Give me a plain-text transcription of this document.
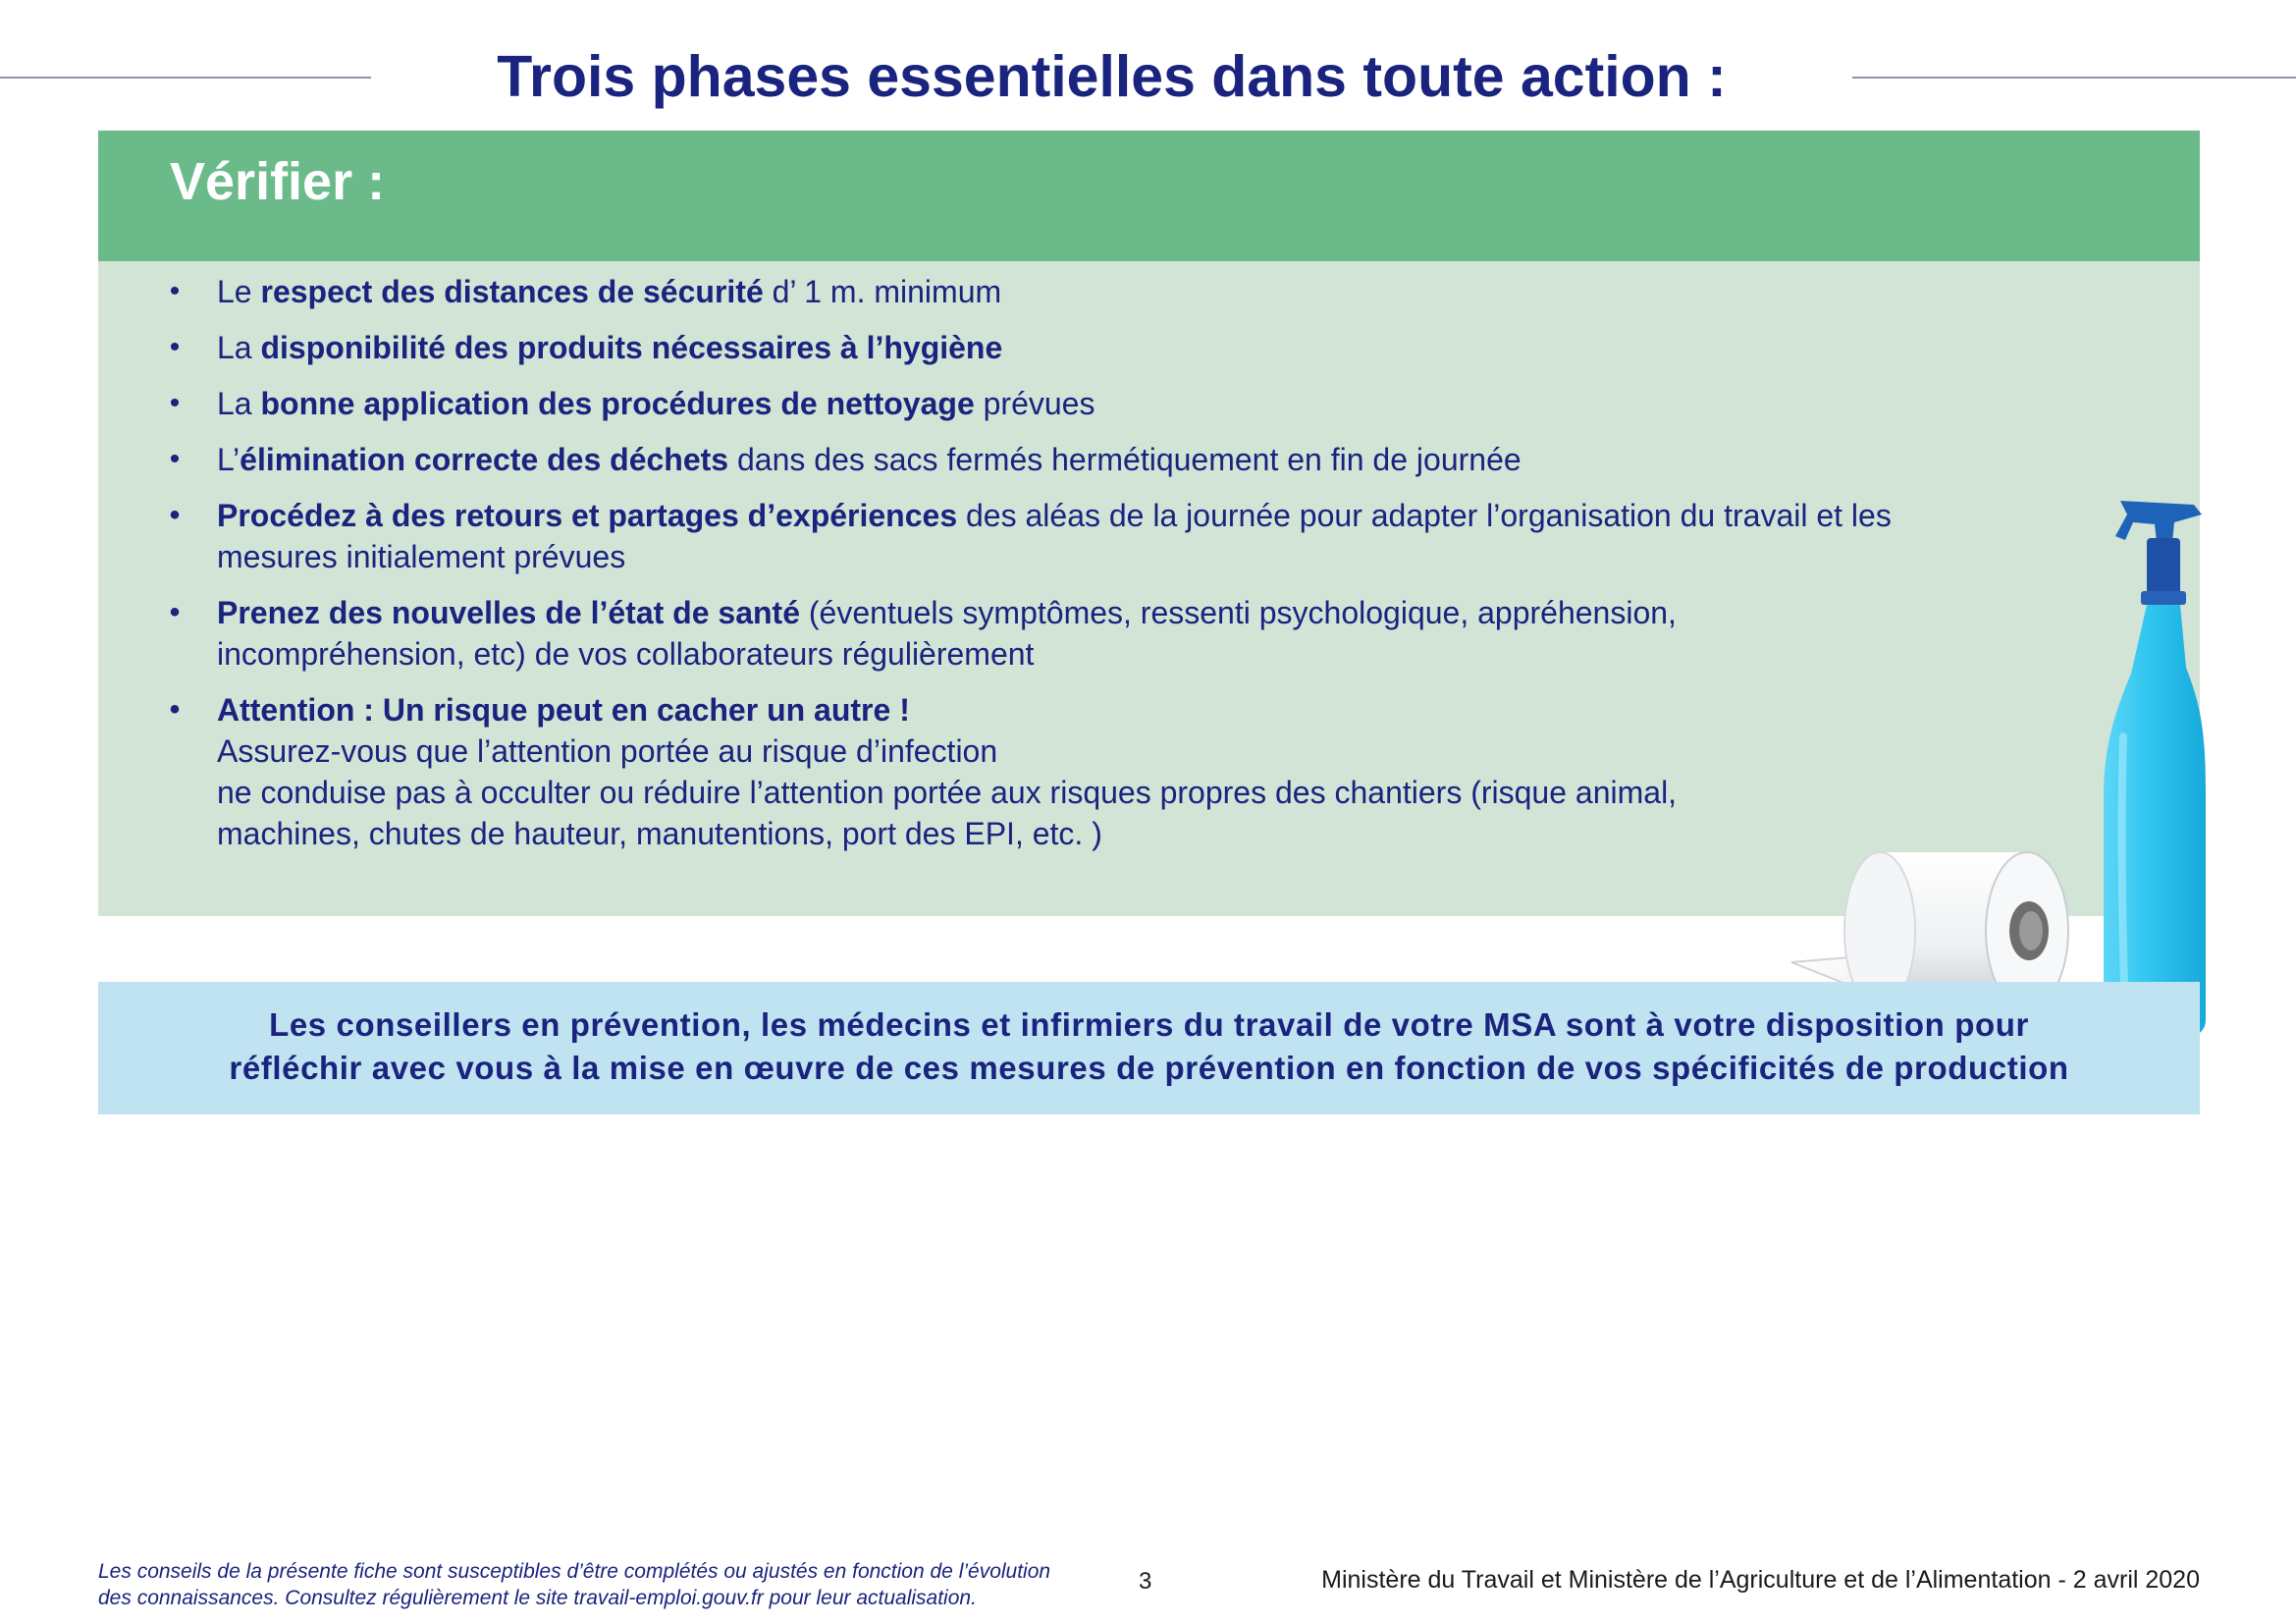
Trois phases essentielles dans toute action :
Vérifier :
• Le respect des distances de sécurité d’ 1 m. minimum
• La disponibilité des produits nécessaires à l’hygiène
• La bonne application des procédures de nettoyage prévues
• L’élimination correcte des déchets dans des sacs fermés hermétiquement en fin de journée
• Procédez à des retours et partages d’expériences des aléas de la journée pour adapter l’organisation du travail et les
mesures initialement prévues
• Prenez des nouvelles de l’état de santé (éventuels symptômes, ressenti psychologique, appréhension,
incompréhension, etc) de vos collaborateurs régulièrement
• Attention : Un risque peut en cacher un autre !
Assurez-vous que l’attention portée au risque d’infection
ne conduise pas à occulter ou réduire l’attention portée aux risques propres des chantiers (risque animal,
machines, chutes de hauteur, manutentions, port des EPI, etc. )
Les conseillers en prévention, les médecins et infirmiers du travail de votre MSA sont à votre disposition pour
réfléchir avec vous à la mise en œuvre de ces mesures de prévention en fonction de vos spécificités de production
Les conseils de la présente fiche sont susceptibles d’être complétés ou ajustés en fonction de l’évolution
des connaissances. Consultez régulièrement le site travail-emploi.gouv.fr pour leur actualisation.
3	Ministère du Travail et Ministère de l’Agriculture et de l’Alimentation - 2 avril 2020
